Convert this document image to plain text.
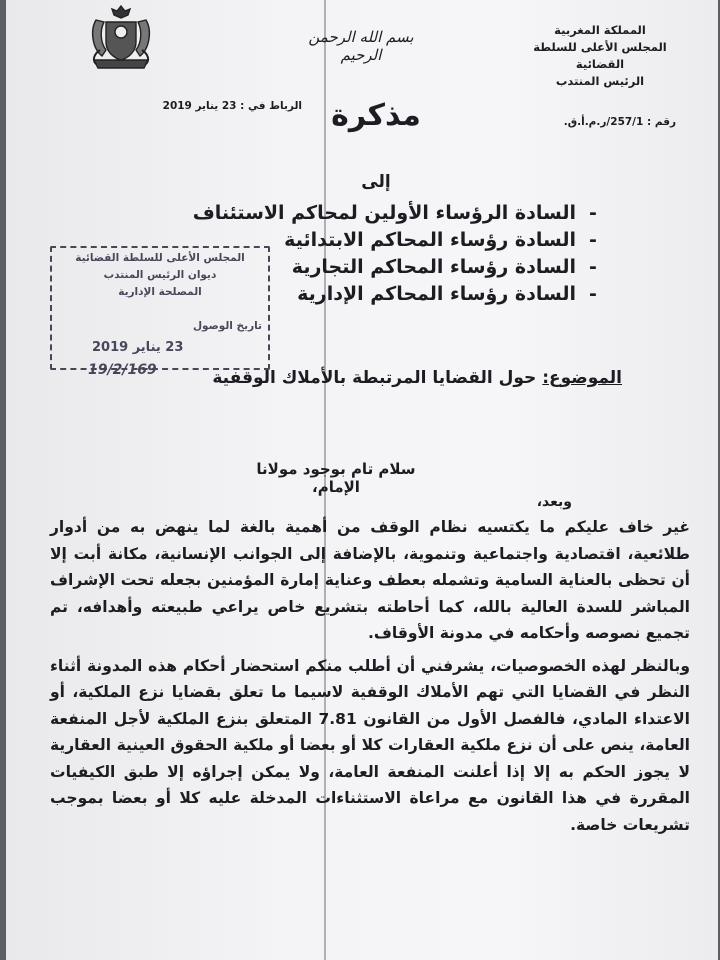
بسم الله الرحمن الرحيم
المملكة المغربية
المجلس الأعلى للسلطة القضائية
الرئيس المنتدب
الرباط في : 23 يناير 2019
رقم : 257/1/ر.م.أ.ق.
مذكرة
إلى
-السادة الرؤساء الأولين لمحاكم الاستئناف
-السادة رؤساء المحاكم الابتدائية
-السادة رؤساء المحاكم التجارية
-السادة رؤساء المحاكم الإدارية
المجلس الأعلى للسلطة القضائية
ديوان الرئيس المنتدب
المصلحة الإدارية
تاريخ الوصول
23 يناير 2019
19/2/169	الموضوع: حول القضايا المرتبطة بالأملاك الوقفية
سلام تام بوجود مولانا الإمام،
وبعد،

غير خاف عليكم ما يكتسيه نظام الوقف من أهمية بالغة لما ينهض به من أدوار طلائعية، اقتصادية واجتماعية وتنموية، بالإضافة إلى الجوانب الإنسانية، مكانة أبت إلا أن تحظى بالعناية السامية وتشمله بعطف وعناية إمارة المؤمنين بجعله تحت الإشراف المباشر للسدة العالية بالله، كما أحاطته بتشريع خاص يراعي طبيعته وأهدافه، تم تجميع نصوصه وأحكامه في مدونة الأوقاف.

وبالنظر لهذه الخصوصيات، يشرفني أن أطلب منكم استحضار أحكام هذه المدونة أثناء النظر في القضايا التي تهم الأملاك الوقفية لاسيما ما تعلق بقضايا نزع الملكية، أو الاعتداء المادي، فالفصل الأول من القانون 7.81 المتعلق بنزع الملكية لأجل المنفعة العامة، ينص على أن نزع ملكية العقارات كلا أو بعضا أو ملكية الحقوق العينية العقارية لا يجوز الحكم به إلا إذا أعلنت المنفعة العامة، ولا يمكن إجراؤه إلا طبق الكيفيات المقررة في هذا القانون مع مراعاة الاستثناءات المدخلة عليه كلا أو بعضا بموجب تشريعات خاصة.
